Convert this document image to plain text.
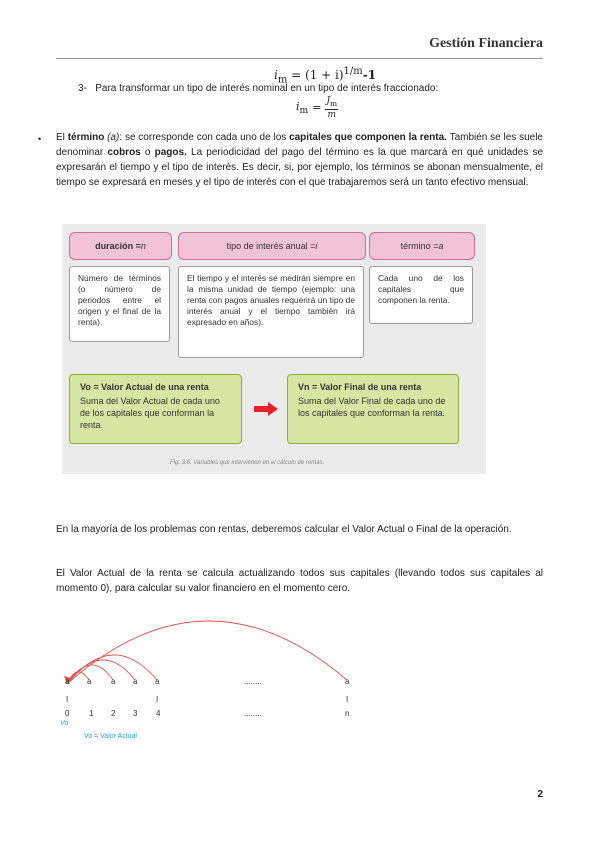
Gestión Financiera
$i_m = (1 + i)^{1/m}-1$
3- Para transformar un tipo de interés nominal en un tipo de interés fraccionado:
$i_m = \frac{J_m}{m}$
• El término (a): se corresponde con cada uno de los capitales que componen la renta. También se les suele denominar cobros o pagos. La periodicidad del pago del término es la que marcará en qué unidades se expresarán el tiempo y el tipo de interés. Es decir, si, por ejemplo, los términos se abonan mensualmente, el tiempo se expresará en meses y el tipo de interés con el que trabajaremos será un tanto efectivo mensual.
duración = n	tipo de interés anual = i	término = a
Número de términos (o número de periodos entre el origen y el final de la renta).
El tiempo y el interés se medirán siempre en la misma unidad de tiempo (ejemplo: una renta con pagos anuales requerirá un tipo de interés anual y el tiempo también irá expresado en años).
Cada uno de los capitales que componen la renta.
Vo = Valor Actual de una renta
Suma del Valor Actual de cada uno de los capitales que conforman la renta.
Vn = Valor Final de una renta
Suma del Valor Final de cada uno de los capitales que conforman la renta.
Fig. 3.6. Variables que intervienen en el cálculo de rentas.
En la mayoría de los problemas con rentas, deberemos calcular el Valor Actual o Final de la operación.
El Valor Actual de la renta se calcula actualizando todos sus capitales (llevando todos sus capitales al momento 0), para calcular su valor financiero en el momento cero.
a a a a a	........	a
I	I	I
0 1 2 3 4	........	n
Vo
Vo = Valor Actual
2
